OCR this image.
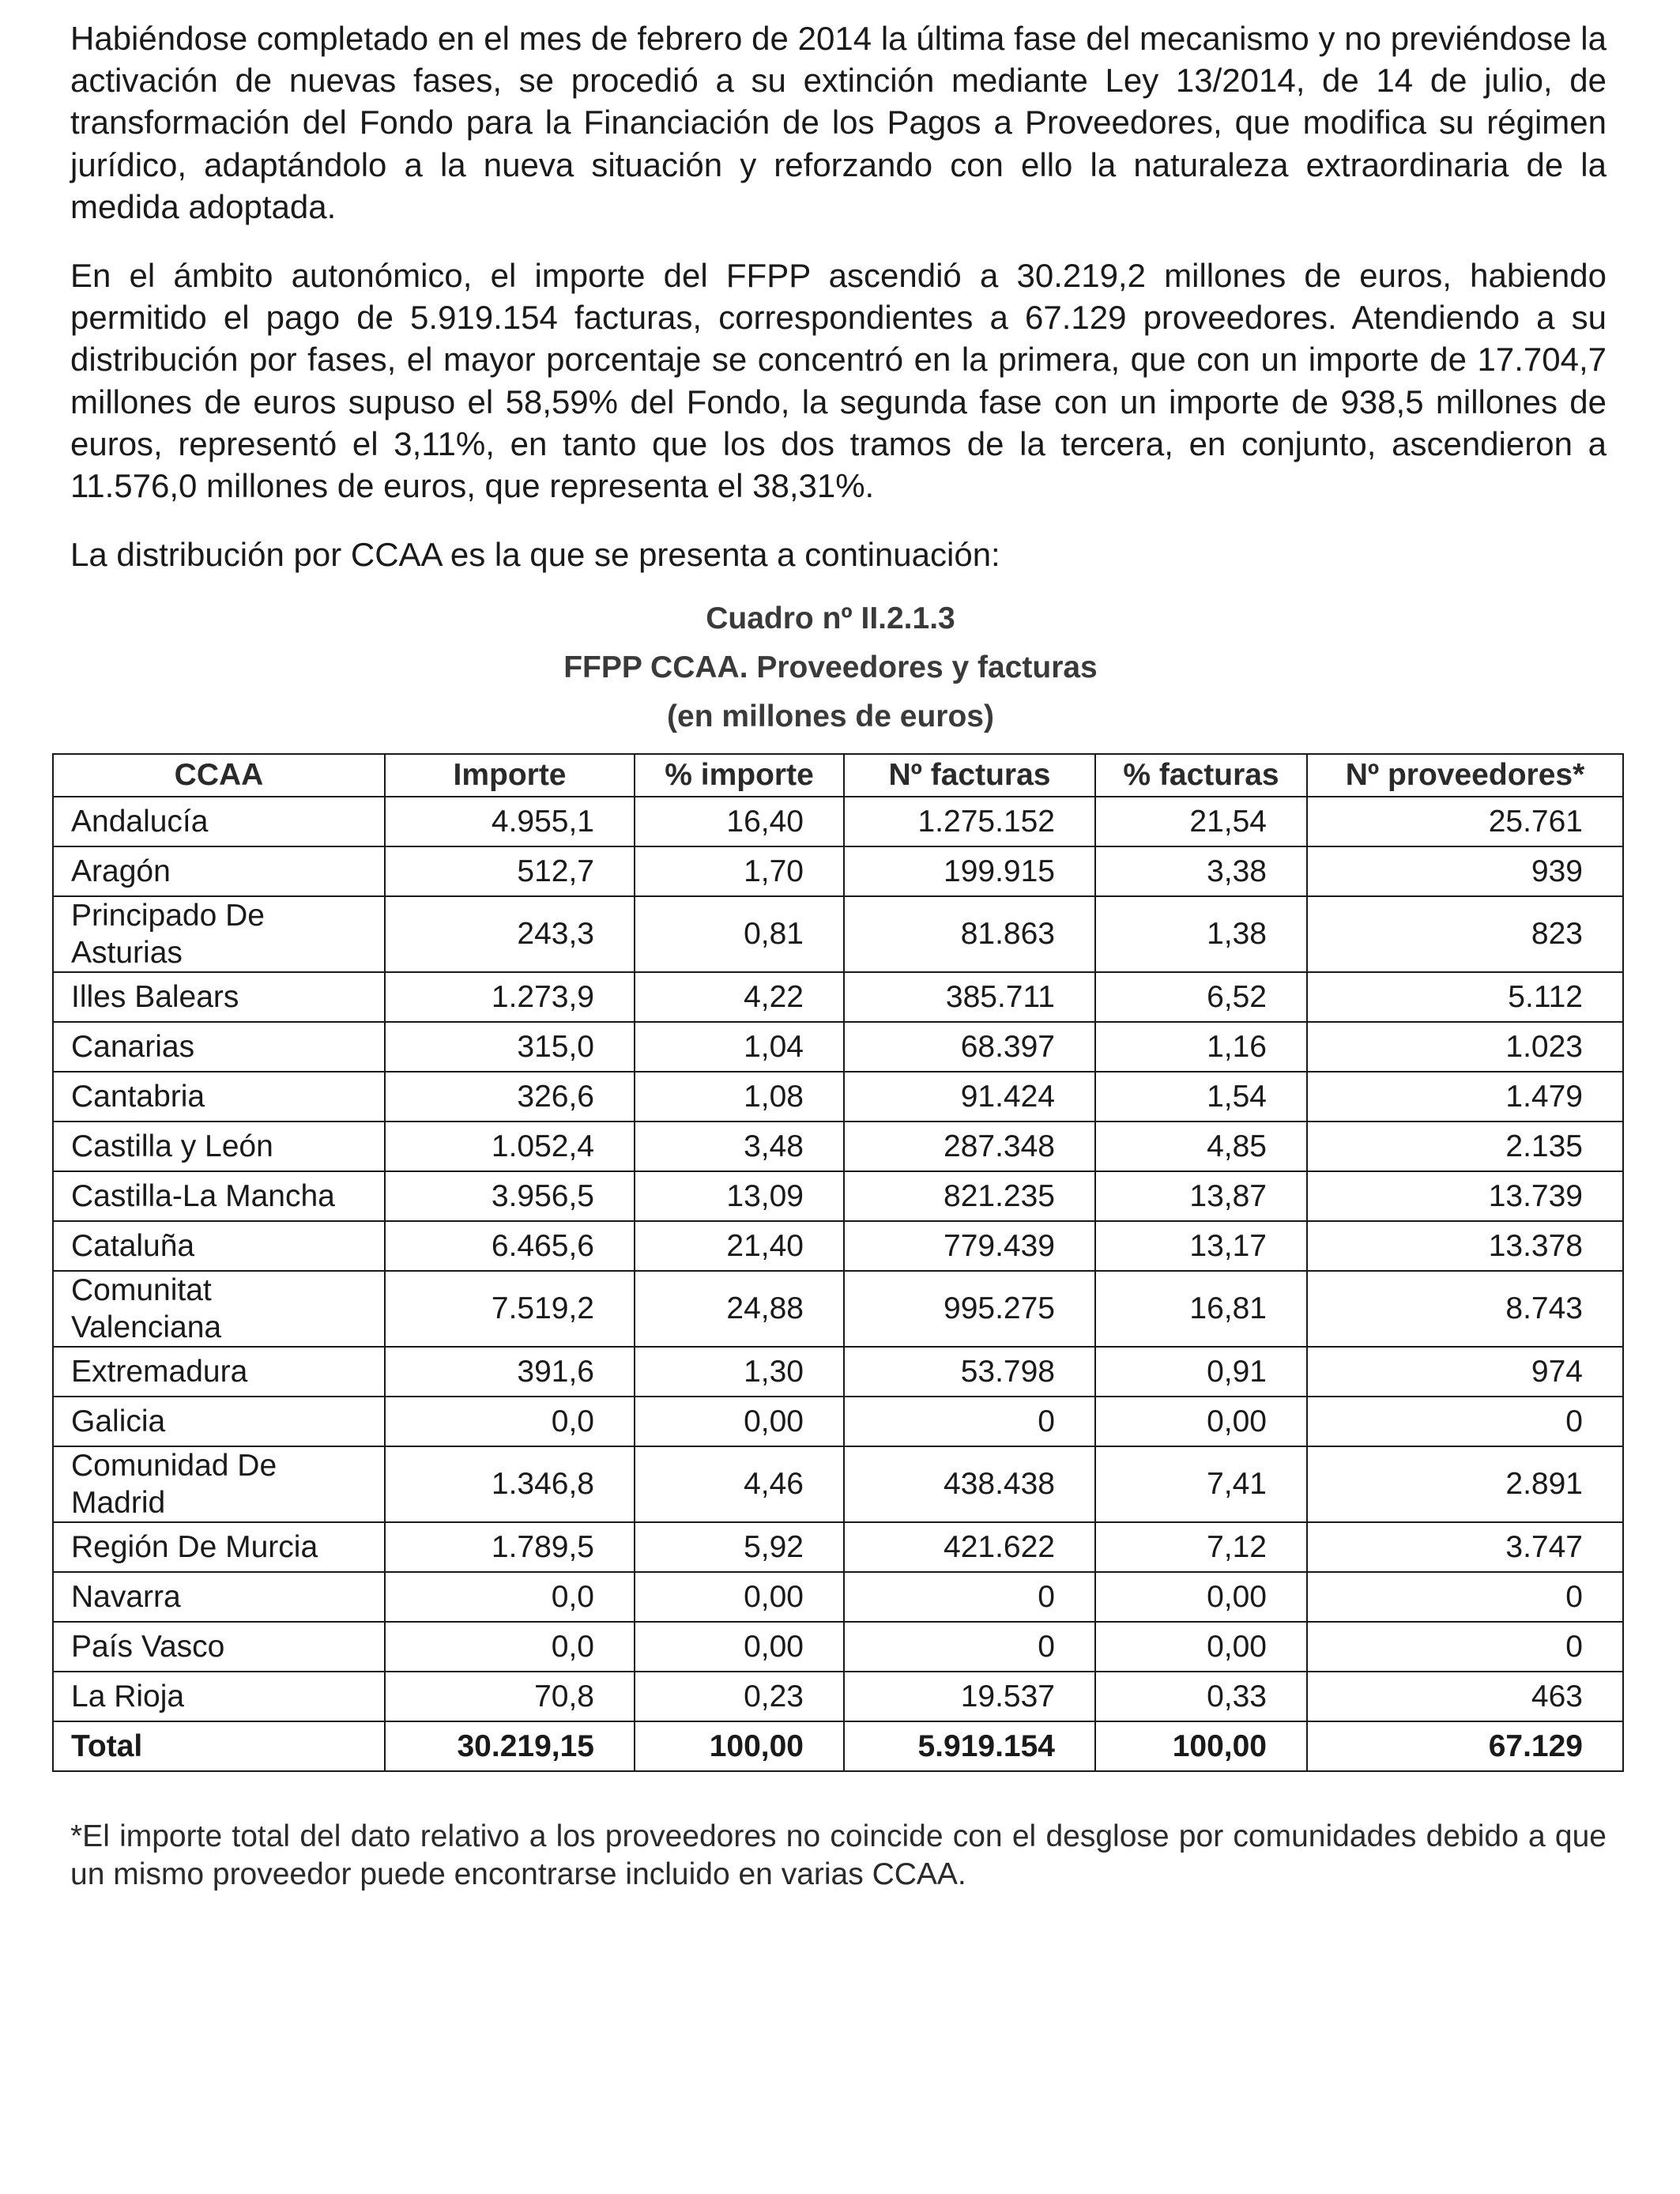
Habiéndose completado en el mes de febrero de 2014 la última fase del mecanismo y no previéndose la activación de nuevas fases, se procedió a su extinción mediante Ley 13/2014, de 14 de julio, de transformación del Fondo para la Financiación de los Pagos a Proveedores, que modifica su régimen jurídico, adaptándolo a la nueva situación y reforzando con ello la naturaleza extraordinaria de la medida adoptada.

En el ámbito autonómico, el importe del FFPP ascendió a 30.219,2 millones de euros, habiendo permitido el pago de 5.919.154 facturas, correspondientes a 67.129 proveedores. Atendiendo a su distribución por fases, el mayor porcentaje se concentró en la primera, que con un importe de 17.704,7 millones de euros supuso el 58,59% del Fondo, la segunda fase con un importe de 938,5 millones de euros, representó el 3,11%, en tanto que los dos tramos de la tercera, en conjunto, ascendieron a 11.576,0 millones de euros, que representa el 38,31%.

La distribución por CCAA es la que se presenta a continuación:

Cuadro nº II.2.1.3
FFPP CCAA. Proveedores y facturas
(en millones de euros)
CCAA	Importe	% importe	Nº facturas	% facturas	Nº proveedores*
Andalucía	4.955,1	16,40	1.275.152	21,54	25.761
Aragón	512,7	1,70	199.915	3,38	939
Principado De Asturias	243,3	0,81	81.863	1,38	823
Illes Balears	1.273,9	4,22	385.711	6,52	5.112
Canarias	315,0	1,04	68.397	1,16	1.023
Cantabria	326,6	1,08	91.424	1,54	1.479
Castilla y León	1.052,4	3,48	287.348	4,85	2.135
Castilla-La Mancha	3.956,5	13,09	821.235	13,87	13.739
Cataluña	6.465,6	21,40	779.439	13,17	13.378
Comunitat Valenciana	7.519,2	24,88	995.275	16,81	8.743
Extremadura	391,6	1,30	53.798	0,91	974
Galicia	0,0	0,00	0	0,00	0
Comunidad De Madrid	1.346,8	4,46	438.438	7,41	2.891
Región De Murcia	1.789,5	5,92	421.622	7,12	3.747
Navarra	0,0	0,00	0	0,00	0
País Vasco	0,0	0,00	0	0,00	0
La Rioja	70,8	0,23	19.537	0,33	463
Total	30.219,15	100,00	5.919.154	100,00	67.129

*El importe total del dato relativo a los proveedores no coincide con el desglose por comunidades debido a que un mismo proveedor puede encontrarse incluido en varias CCAA.
